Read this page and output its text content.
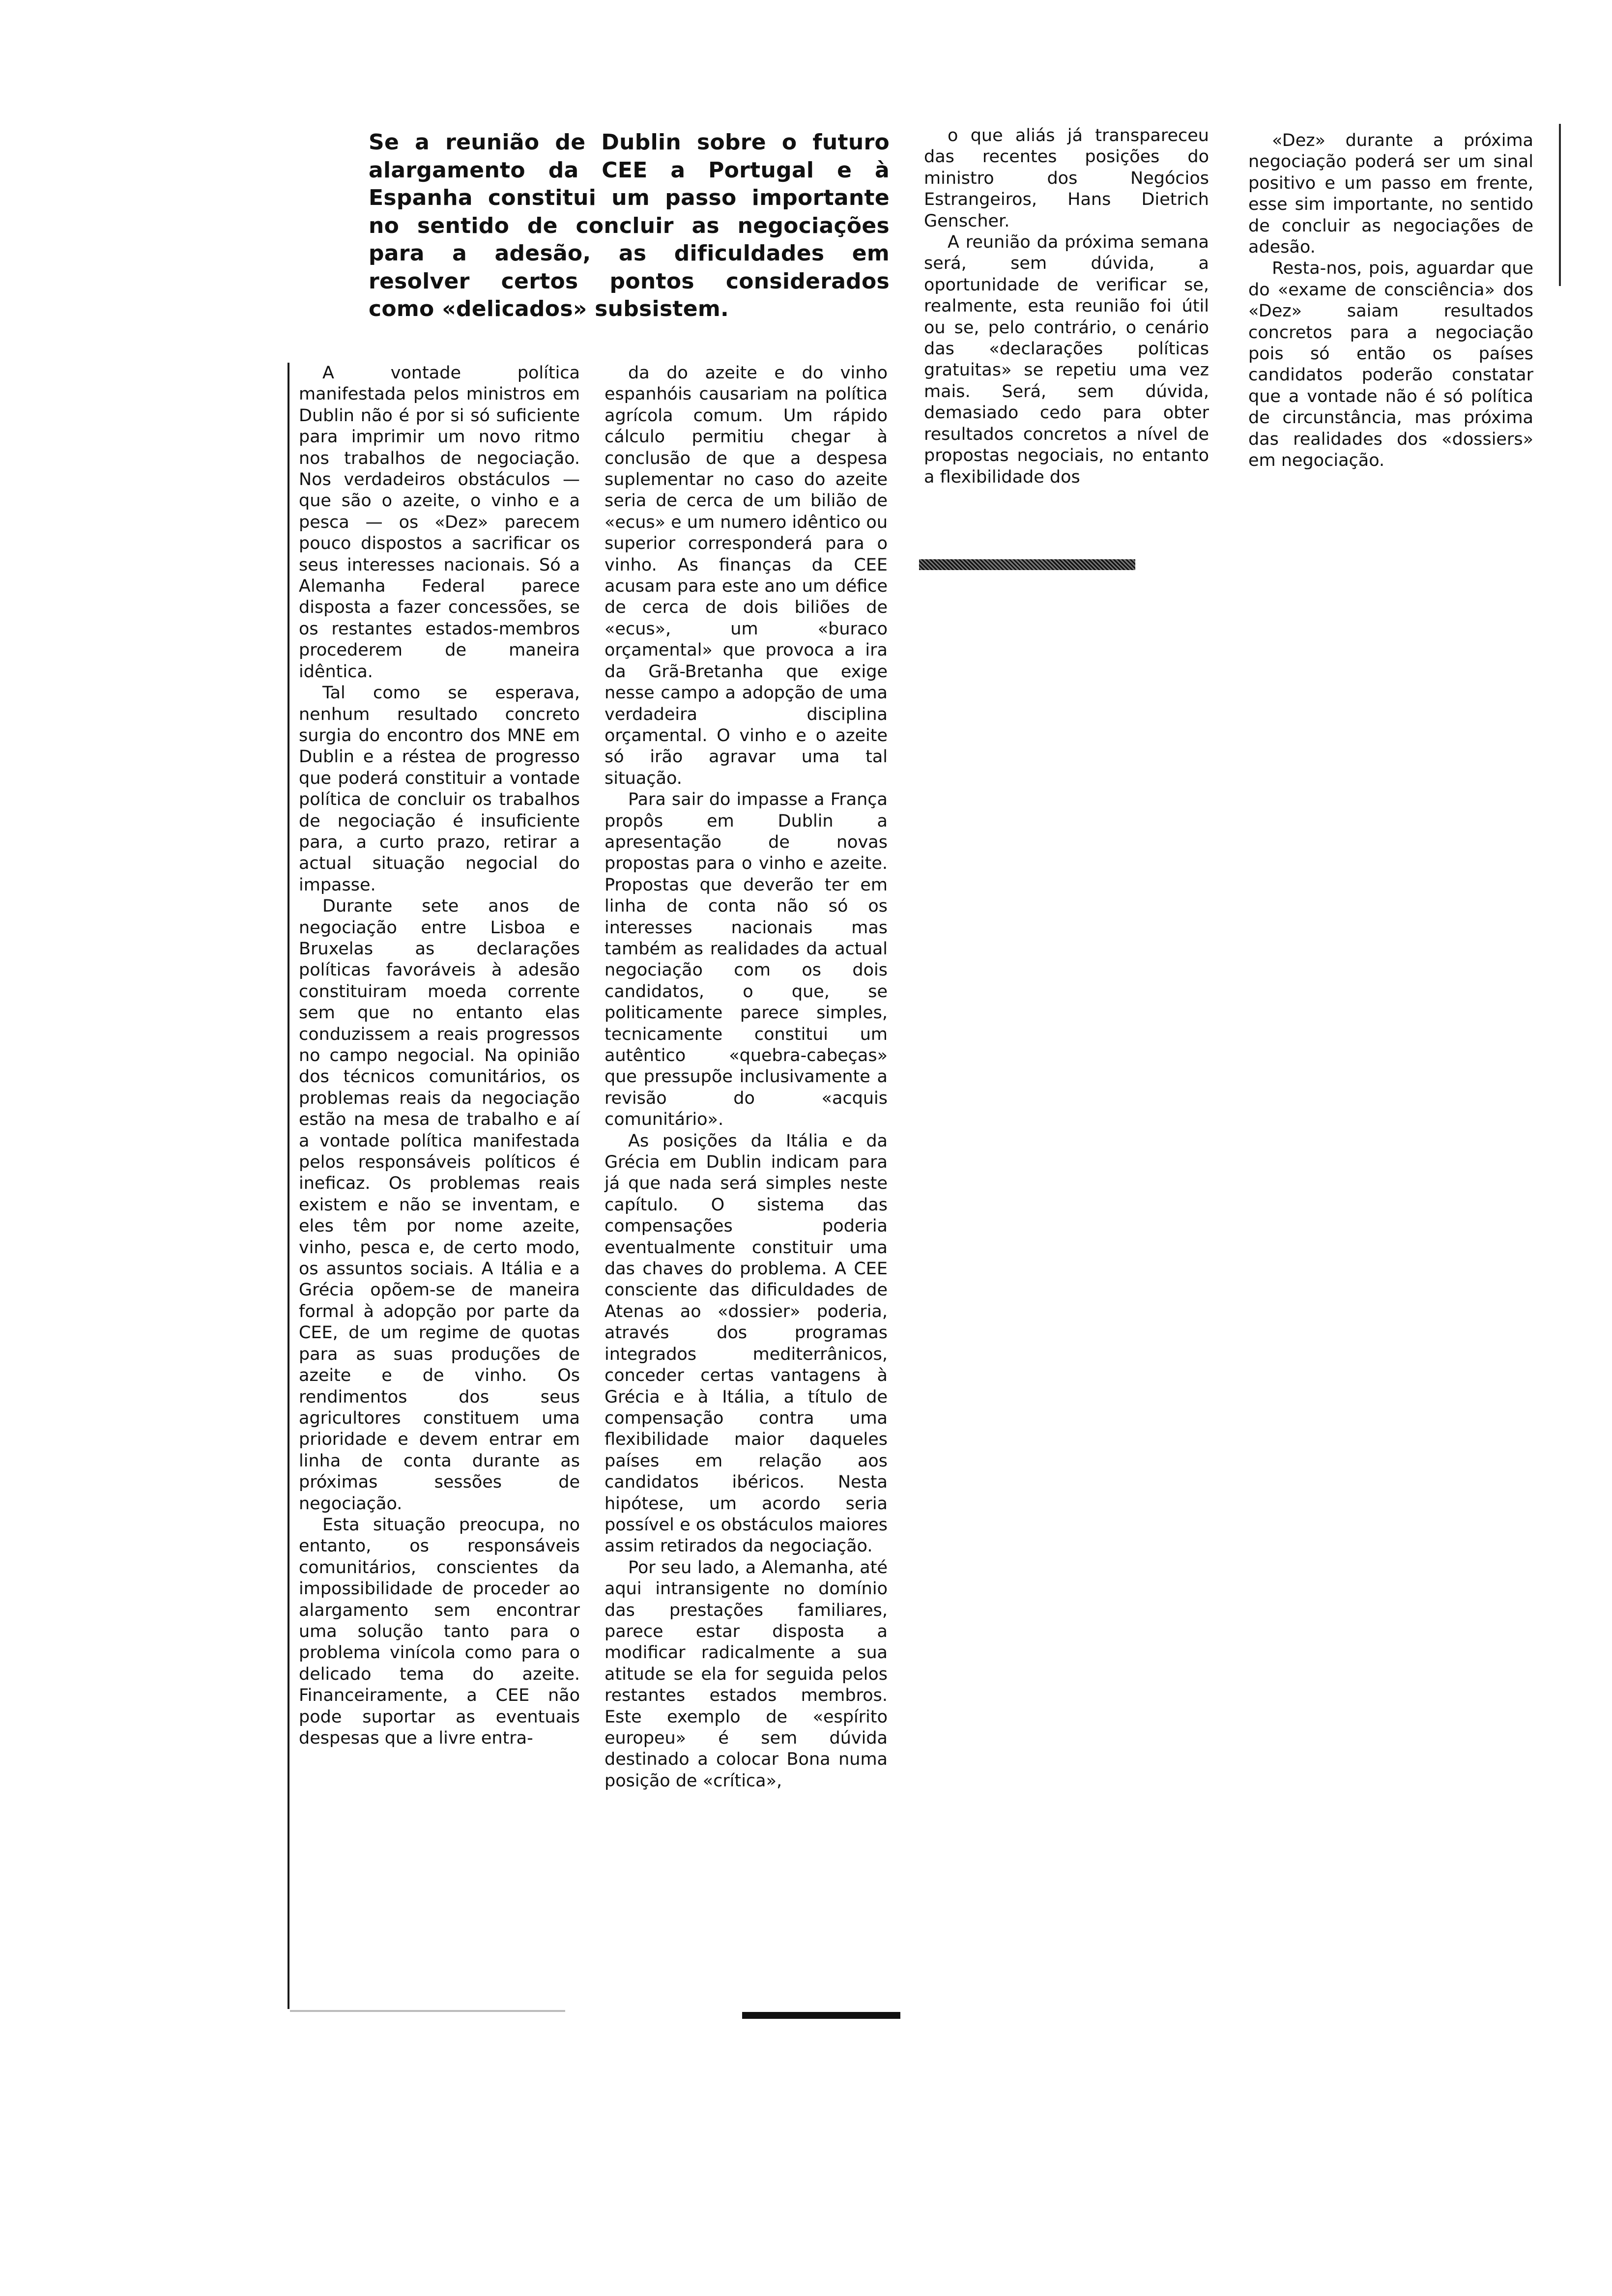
Se a reunião de Dublin sobre o futuro alargamento da CEE a Portugal e à Espanha constitui um passo importante no sentido de concluir as negociações para a adesão, as dificuldades em resolver certos pontos considerados como «delicados» subsistem.

A vontade política manifestada pelos ministros em Dublin não é por si só suficiente para imprimir um novo ritmo nos trabalhos de negociação. Nos verdadeiros obstáculos — que são o azeite, o vinho e a pesca — os «Dez» parecem pouco dispostos a sacrificar os seus interesses nacionais. Só a Alemanha Federal parece disposta a fazer concessões, se os restantes estados-membros procederem de maneira idêntica.

Tal como se esperava, nenhum resultado concreto surgia do encontro dos MNE em Dublin e a réstea de progresso que poderá constituir a vontade política de concluir os trabalhos de negociação é insuficiente para, a curto prazo, retirar a actual situação negocial do impasse.

Durante sete anos de negociação entre Lisboa e Bruxelas as declarações políticas favoráveis à adesão constituiram moeda corrente sem que no entanto elas conduzissem a reais progressos no campo negocial. Na opinião dos técnicos comunitários, os problemas reais da negociação estão na mesa de trabalho e aí a vontade política manifestada pelos responsáveis políticos é ineficaz. Os problemas reais existem e não se inventam, e eles têm por nome azeite, vinho, pesca e, de certo modo, os assuntos sociais. A Itália e a Grécia opõem-se de maneira formal à adopção por parte da CEE, de um regime de quotas para as suas produções de azeite e de vinho. Os rendimentos dos seus agricultores constituem uma prioridade e devem entrar em linha de conta durante as próximas sessões de negociação.

Esta situação preocupa, no entanto, os responsáveis comunitários, conscientes da impossibilidade de proceder ao alargamento sem encontrar uma solução tanto para o problema vinícola como para o delicado tema do azeite. Financeiramente, a CEE não pode suportar as eventuais despesas que a livre entra-

da do azeite e do vinho espanhóis causariam na política agrícola comum. Um rápido cálculo permitiu chegar à conclusão de que a despesa suplementar no caso do azeite seria de cerca de um bilião de «ecus» e um numero idêntico ou superior corresponderá para o vinho. As finanças da CEE acusam para este ano um défice de cerca de dois biliões de «ecus», um «buraco orçamental» que provoca a ira da Grã-Bretanha que exige nesse campo a adopção de uma verdadeira disciplina orçamental. O vinho e o azeite só irão agravar uma tal situação.

Para sair do impasse a França propôs em Dublin a apresentação de novas propostas para o vinho e azeite. Propostas que deverão ter em linha de conta não só os interesses nacionais mas também as realidades da actual negociação com os dois candidatos, o que, se politicamente parece simples, tecnicamente constitui um autêntico «quebra-cabeças» que pressupõe inclusivamente a revisão do «acquis comunitário».

As posições da Itália e da Grécia em Dublin indicam para já que nada será simples neste capítulo. O sistema das compensações poderia eventualmente constituir uma das chaves do problema. A CEE consciente das dificuldades de Atenas ao «dossier» poderia, através dos programas integrados mediterrânicos, conceder certas vantagens à Grécia e à Itália, a título de compensação contra uma flexibilidade maior daqueles países em relação aos candidatos ibéricos. Nesta hipótese, um acordo seria possível e os obstáculos maiores assim retirados da negociação.

Por seu lado, a Alemanha, até aqui intransigente no domínio das prestações familiares, parece estar disposta a modificar radicalmente a sua atitude se ela for seguida pelos restantes estados membros. Este exemplo de «espírito europeu» é sem dúvida destinado a colocar Bona numa posição de «crítica»,

o que aliás já transpareceu das recentes posições do ministro dos Negócios Estrangeiros, Hans Dietrich Genscher.

A reunião da próxima semana será, sem dúvida, a oportunidade de verificar se, realmente, esta reunião foi útil ou se, pelo contrário, o cenário das «declarações políticas gratuitas» se repetiu uma vez mais. Será, sem dúvida, demasiado cedo para obter resultados concretos a nível de propostas negociais, no entanto a flexibilidade dos

«Dez» durante a próxima negociação poderá ser um sinal positivo e um passo em frente, esse sim importante, no sentido de concluir as negociações de adesão.

Resta-nos, pois, aguardar que do «exame de consciência» dos «Dez» saiam resultados concretos para a negociação pois só então os países candidatos poderão constatar que a vontade não é só política de circunstância, mas próxima das realidades dos «dossiers» em negociação.
